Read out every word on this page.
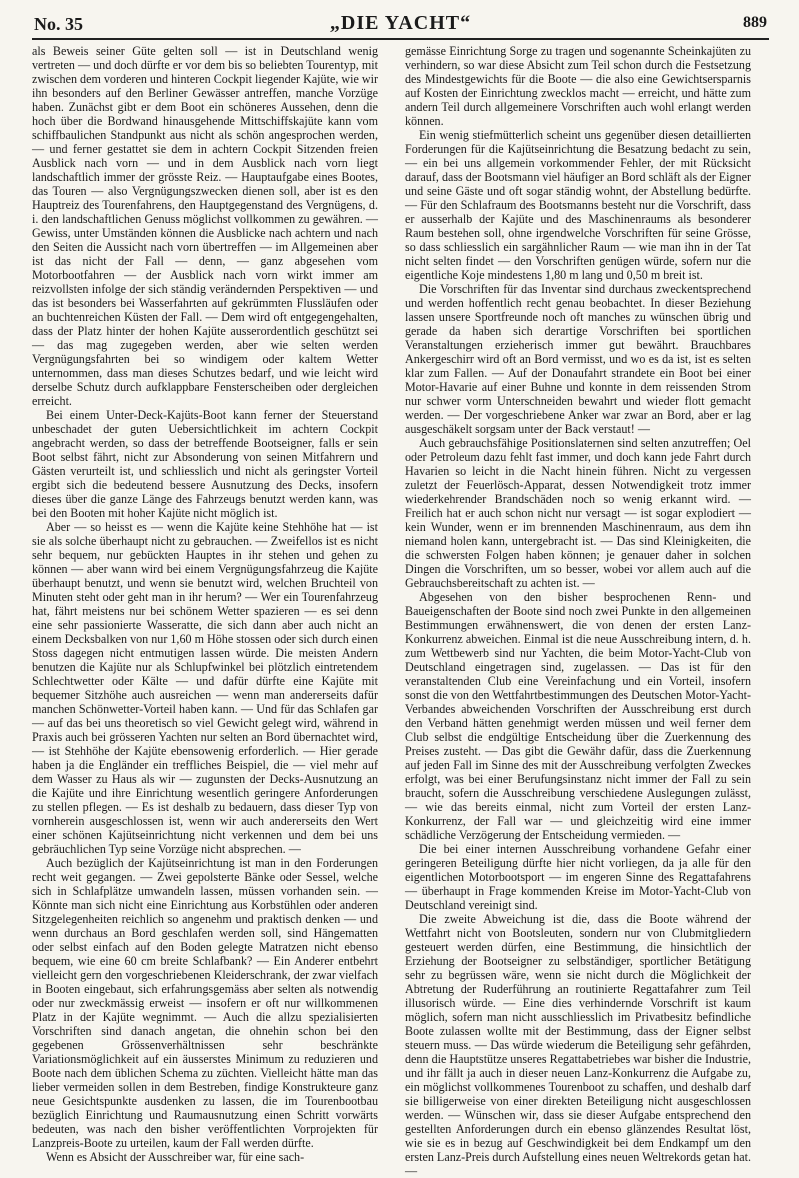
No. 35	„DIE YACHT“	889

als Beweis seiner Güte gelten soll — ist in Deutschland wenig vertreten — und doch dürfte er vor dem bis so beliebten Tourentyp, mit zwischen dem vorderen und hinteren Cockpit liegender Kajüte, wie wir ihn besonders auf den Berliner Gewässer antreffen, manche Vorzüge haben. Zunächst gibt er dem Boot ein schöneres Aussehen, denn die hoch über die Bordwand hinausgehende Mittschiffskajüte kann vom schiffbaulichen Standpunkt aus nicht als schön angesprochen werden, — und ferner gestattet sie dem in achtern Cockpit Sitzenden freien Ausblick nach vorn — und in dem Ausblick nach vorn liegt landschaftlich immer der grösste Reiz. — Hauptaufgabe eines Bootes, das Touren — also Vergnügungszwecken dienen soll, aber ist es den Hauptreiz des Tourenfahrens, den Hauptgegenstand des Vergnügens, d. i. den landschaftlichen Genuss möglichst vollkommen zu gewähren. — Gewiss, unter Umständen können die Ausblicke nach achtern und nach den Seiten die Aussicht nach vorn übertreffen — im Allgemeinen aber ist das nicht der Fall — denn, — ganz abgesehen vom Motorbootfahren — der Ausblick nach vorn wirkt immer am reizvollsten infolge der sich ständig verändernden Perspektiven — und das ist besonders bei Wasserfahrten auf gekrümmten Flussläufen oder an buchtenreichen Küsten der Fall. — Dem wird oft entgegengehalten, dass der Platz hinter der hohen Kajüte ausserordentlich geschützt sei — das mag zugegeben werden, aber wie selten werden Vergnügungsfahrten bei so windigem oder kaltem Wetter unternommen, dass man dieses Schutzes bedarf, und wie leicht wird derselbe Schutz durch aufklappbare Fensterscheiben oder dergleichen erreicht.

Bei einem Unter-Deck-Kajüts-Boot kann ferner der Steuerstand unbeschadet der guten Uebersichtlichkeit im achtern Cockpit angebracht werden, so dass der betreffende Bootseigner, falls er sein Boot selbst fährt, nicht zur Absonderung von seinen Mitfahrern und Gästen verurteilt ist, und schliesslich und nicht als geringster Vorteil ergibt sich die bedeutend bessere Ausnutzung des Decks, insofern dieses über die ganze Länge des Fahrzeugs benutzt werden kann, was bei den Booten mit hoher Kajüte nicht möglich ist.

Aber — so heisst es — wenn die Kajüte keine Stehhöhe hat — ist sie als solche überhaupt nicht zu gebrauchen. — Zweifellos ist es nicht sehr bequem, nur gebückten Hauptes in ihr stehen und gehen zu können — aber wann wird bei einem Vergnügungsfahrzeug die Kajüte überhaupt benutzt, und wenn sie benutzt wird, welchen Bruchteil von Minuten steht oder geht man in ihr herum? — Wer ein Tourenfahrzeug hat, fährt meistens nur bei schönem Wetter spazieren — es sei denn eine sehr passionierte Wasseratte, die sich dann aber auch nicht an einem Decksbalken von nur 1,60 m Höhe stossen oder sich durch einen Stoss dagegen nicht entmutigen lassen würde. Die meisten Andern benutzen die Kajüte nur als Schlupfwinkel bei plötzlich eintretendem Schlechtwetter oder Kälte — und dafür dürfte eine Kajüte mit bequemer Sitzhöhe auch ausreichen — wenn man andererseits dafür manchen Schönwetter-Vorteil haben kann. — Und für das Schlafen gar — auf das bei uns theoretisch so viel Gewicht gelegt wird, während in Praxis auch bei grösseren Yachten nur selten an Bord übernachtet wird, — ist Stehhöhe der Kajüte ebensowenig erforderlich. — Hier gerade haben ja die Engländer ein treffliches Beispiel, die — viel mehr auf dem Wasser zu Haus als wir — zugunsten der Decks-Ausnutzung an die Kajüte und ihre Einrichtung wesentlich geringere Anforderungen zu stellen pflegen. — Es ist deshalb zu bedauern, dass dieser Typ von vornherein ausgeschlossen ist, wenn wir auch andererseits den Wert einer schönen Kajütseinrichtung nicht verkennen und dem bei uns gebräuchlichen Typ seine Vorzüge nicht absprechen. —

Auch bezüglich der Kajütseinrichtung ist man in den Forderungen recht weit gegangen. — Zwei gepolsterte Bänke oder Sessel, welche sich in Schlafplätze umwandeln lassen, müssen vorhanden sein. — Könnte man sich nicht eine Einrichtung aus Korbstühlen oder anderen Sitzgelegenheiten reichlich so angenehm und praktisch denken — und wenn durchaus an Bord geschlafen werden soll, sind Hängematten oder selbst einfach auf den Boden gelegte Matratzen nicht ebenso bequem, wie eine 60 cm breite Schlafbank? — Ein Anderer entbehrt vielleicht gern den vorgeschriebenen Kleiderschrank, der zwar vielfach in Booten eingebaut, sich erfahrungsgemäss aber selten als notwendig oder nur zweckmässig erweist — insofern er oft nur willkommenen Platz in der Kajüte wegnimmt. — Auch die allzu spezialisierten Vorschriften sind danach angetan, die ohnehin schon bei den gegebenen Grössenverhältnissen sehr beschränkte Variationsmöglichkeit auf ein äusserstes Minimum zu reduzieren und Boote nach dem üblichen Schema zu züchten. Vielleicht hätte man das lieber vermeiden sollen in dem Bestreben, findige Konstrukteure ganz neue Gesichtspunkte ausdenken zu lassen, die im Tourenbootbau bezüglich Einrichtung und Raumausnutzung einen Schritt vorwärts bedeuten, was nach den bisher veröffentlichten Vorprojekten für Lanzpreis-Boote zu urteilen, kaum der Fall werden dürfte.

Wenn es Absicht der Ausschreiber war, für eine sach-

gemässe Einrichtung Sorge zu tragen und sogenannte Scheinkajüten zu verhindern, so war diese Absicht zum Teil schon durch die Festsetzung des Mindestgewichts für die Boote — die also eine Gewichtsersparnis auf Kosten der Einrichtung zwecklos macht — erreicht, und hätte zum andern Teil durch allgemeinere Vorschriften auch wohl erlangt werden können.

Ein wenig stiefmütterlich scheint uns gegenüber diesen detaillierten Forderungen für die Kajütseinrichtung die Besatzung bedacht zu sein, — ein bei uns allgemein vorkommender Fehler, der mit Rücksicht darauf, dass der Bootsmann viel häufiger an Bord schläft als der Eigner und seine Gäste und oft sogar ständig wohnt, der Abstellung bedürfte. — Für den Schlafraum des Bootsmanns besteht nur die Vorschrift, dass er ausserhalb der Kajüte und des Maschinenraums als besonderer Raum bestehen soll, ohne irgendwelche Vorschriften für seine Grösse, so dass schliesslich ein sargähnlicher Raum — wie man ihn in der Tat nicht selten findet — den Vorschriften genügen würde, sofern nur die eigentliche Koje mindestens 1,80 m lang und 0,50 m breit ist.

Die Vorschriften für das Inventar sind durchaus zweckentsprechend und werden hoffentlich recht genau beobachtet. In dieser Beziehung lassen unsere Sportfreunde noch oft manches zu wünschen übrig und gerade da haben sich derartige Vorschriften bei sportlichen Veranstaltungen erzieherisch immer gut bewährt. Brauchbares Ankergeschirr wird oft an Bord vermisst, und wo es da ist, ist es selten klar zum Fallen. — Auf der Donaufahrt strandete ein Boot bei einer Motor-Havarie auf einer Buhne und konnte in dem reissenden Strom nur schwer vorm Unterschneiden bewahrt und wieder flott gemacht werden. — Der vorgeschriebene Anker war zwar an Bord, aber er lag ausgeschäkelt sorgsam unter der Back verstaut! —

Auch gebrauchsfähige Positionslaternen sind selten anzutreffen; Oel oder Petroleum dazu fehlt fast immer, und doch kann jede Fahrt durch Havarien so leicht in die Nacht hinein führen. Nicht zu vergessen zuletzt der Feuerlösch-Apparat, dessen Notwendigkeit trotz immer wiederkehrender Brandschäden noch so wenig erkannt wird. — Freilich hat er auch schon nicht nur versagt — ist sogar explodiert — kein Wunder, wenn er im brennenden Maschinenraum, aus dem ihn niemand holen kann, untergebracht ist. — Das sind Kleinigkeiten, die die schwersten Folgen haben können; je genauer daher in solchen Dingen die Vorschriften, um so besser, wobei vor allem auch auf die Gebrauchsbereitschaft zu achten ist. —

Abgesehen von den bisher besprochenen Renn- und Baueigenschaften der Boote sind noch zwei Punkte in den allgemeinen Bestimmungen erwähnenswert, die von denen der ersten Lanz-Konkurrenz abweichen. Einmal ist die neue Ausschreibung intern, d. h. zum Wettbewerb sind nur Yachten, die beim Motor-Yacht-Club von Deutschland eingetragen sind, zugelassen. — Das ist für den veranstaltenden Club eine Vereinfachung und ein Vorteil, insofern sonst die von den Wettfahrtbestimmungen des Deutschen Motor-Yacht-Verbandes abweichenden Vorschriften der Ausschreibung erst durch den Verband hätten genehmigt werden müssen und weil ferner dem Club selbst die endgültige Entscheidung über die Zuerkennung des Preises zusteht. — Das gibt die Gewähr dafür, dass die Zuerkennung auf jeden Fall im Sinne des mit der Ausschreibung verfolgten Zweckes erfolgt, was bei einer Berufungsinstanz nicht immer der Fall zu sein braucht, sofern die Ausschreibung verschiedene Auslegungen zulässt, — wie das bereits einmal, nicht zum Vorteil der ersten Lanz-Konkurrenz, der Fall war — und gleichzeitig wird eine immer schädliche Verzögerung der Entscheidung vermieden. —

Die bei einer internen Ausschreibung vorhandene Gefahr einer geringeren Beteiligung dürfte hier nicht vorliegen, da ja alle für den eigentlichen Motorbootsport — im engeren Sinne des Regattafahrens — überhaupt in Frage kommenden Kreise im Motor-Yacht-Club von Deutschland vereinigt sind.

Die zweite Abweichung ist die, dass die Boote während der Wettfahrt nicht von Bootsleuten, sondern nur von Clubmitgliedern gesteuert werden dürfen, eine Bestimmung, die hinsichtlich der Erziehung der Bootseigner zu selbständiger, sportlicher Betätigung sehr zu begrüssen wäre, wenn sie nicht durch die Möglichkeit der Abtretung der Ruderführung an routinierte Regattafahrer zum Teil illusorisch würde. — Eine dies verhindernde Vorschrift ist kaum möglich, sofern man nicht ausschliesslich im Privatbesitz befindliche Boote zulassen wollte mit der Bestimmung, dass der Eigner selbst steuern muss. — Das würde wiederum die Beteiligung sehr gefährden, denn die Hauptstütze unseres Regattabetriebes war bisher die Industrie, und ihr fällt ja auch in dieser neuen Lanz-Konkurrenz die Aufgabe zu, ein möglichst vollkommenes Tourenboot zu schaffen, und deshalb darf sie billigerweise von einer direkten Beteiligung nicht ausgeschlossen werden. — Wünschen wir, dass sie dieser Aufgabe entsprechend den gestellten Anforderungen durch ein ebenso glänzendes Resultat löst, wie sie es in bezug auf Geschwindigkeit bei dem Endkampf um den ersten Lanz-Preis durch Aufstellung eines neuen Weltrekords getan hat. —
